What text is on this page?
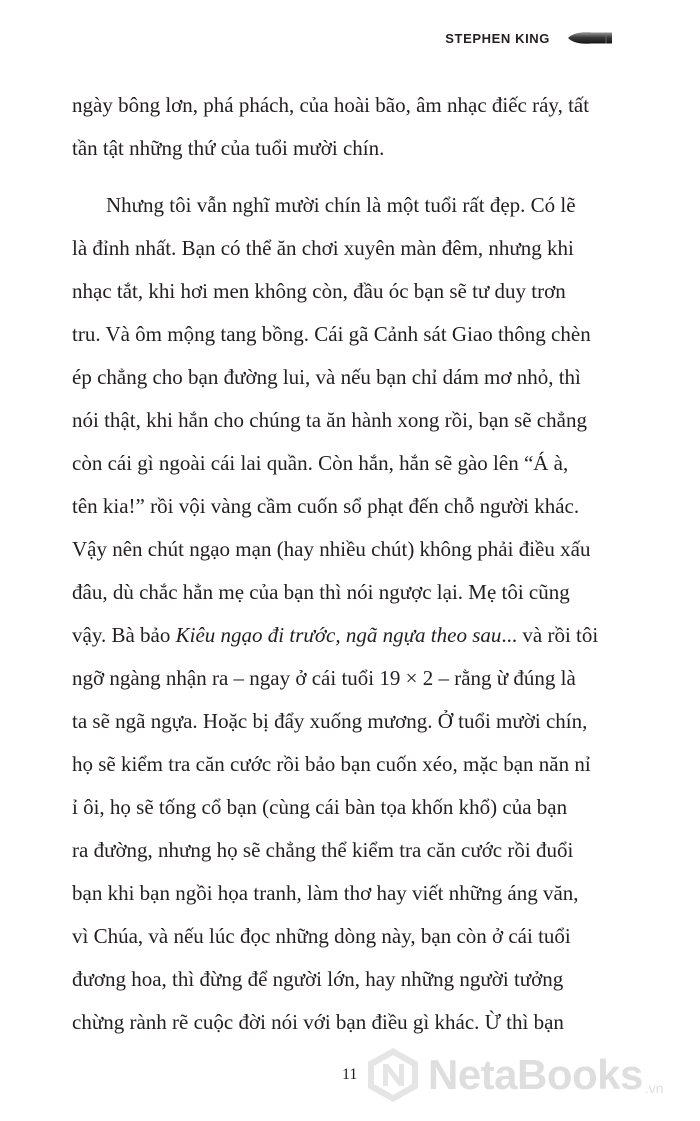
STEPHEN KING
ngày bông lơn, phá phách, của hoài bão, âm nhạc điếc ráy, tất
tần tật những thứ của tuổi mười chín.
Nhưng tôi vẫn nghĩ mười chín là một tuổi rất đẹp. Có lẽ
là đỉnh nhất. Bạn có thể ăn chơi xuyên màn đêm, nhưng khi
nhạc tắt, khi hơi men không còn, đầu óc bạn sẽ tư duy trơn
tru. Và ôm mộng tang bồng. Cái gã Cảnh sát Giao thông chèn
ép chẳng cho bạn đường lui, và nếu bạn chỉ dám mơ nhỏ, thì
nói thật, khi hắn cho chúng ta ăn hành xong rồi, bạn sẽ chẳng
còn cái gì ngoài cái lai quần. Còn hắn, hắn sẽ gào lên “Á à,
tên kia!” rồi vội vàng cầm cuốn sổ phạt đến chỗ người khác.
Vậy nên chút ngạo mạn (hay nhiều chút) không phải điều xấu
đâu, dù chắc hẳn mẹ của bạn thì nói ngược lại. Mẹ tôi cũng
vậy. Bà bảo Kiêu ngạo đi trước, ngã ngựa theo sau... và rồi tôi
ngỡ ngàng nhận ra – ngay ở cái tuổi 19 × 2 – rằng ừ đúng là
ta sẽ ngã ngựa. Hoặc bị đẩy xuống mương. Ở tuổi mười chín,
họ sẽ kiểm tra căn cước rồi bảo bạn cuốn xéo, mặc bạn năn nỉ
ỉ ôi, họ sẽ tống cổ bạn (cùng cái bàn tọa khốn khổ) của bạn
ra đường, nhưng họ sẽ chẳng thể kiểm tra căn cước rồi đuổi
bạn khi bạn ngồi họa tranh, làm thơ hay viết những áng văn,
vì Chúa, và nếu lúc đọc những dòng này, bạn còn ở cái tuổi
đương hoa, thì đừng để người lớn, hay những người tưởng
chừng rành rẽ cuộc đời nói với bạn điều gì khác. Ừ thì bạn
NetaBooks .vn
11
